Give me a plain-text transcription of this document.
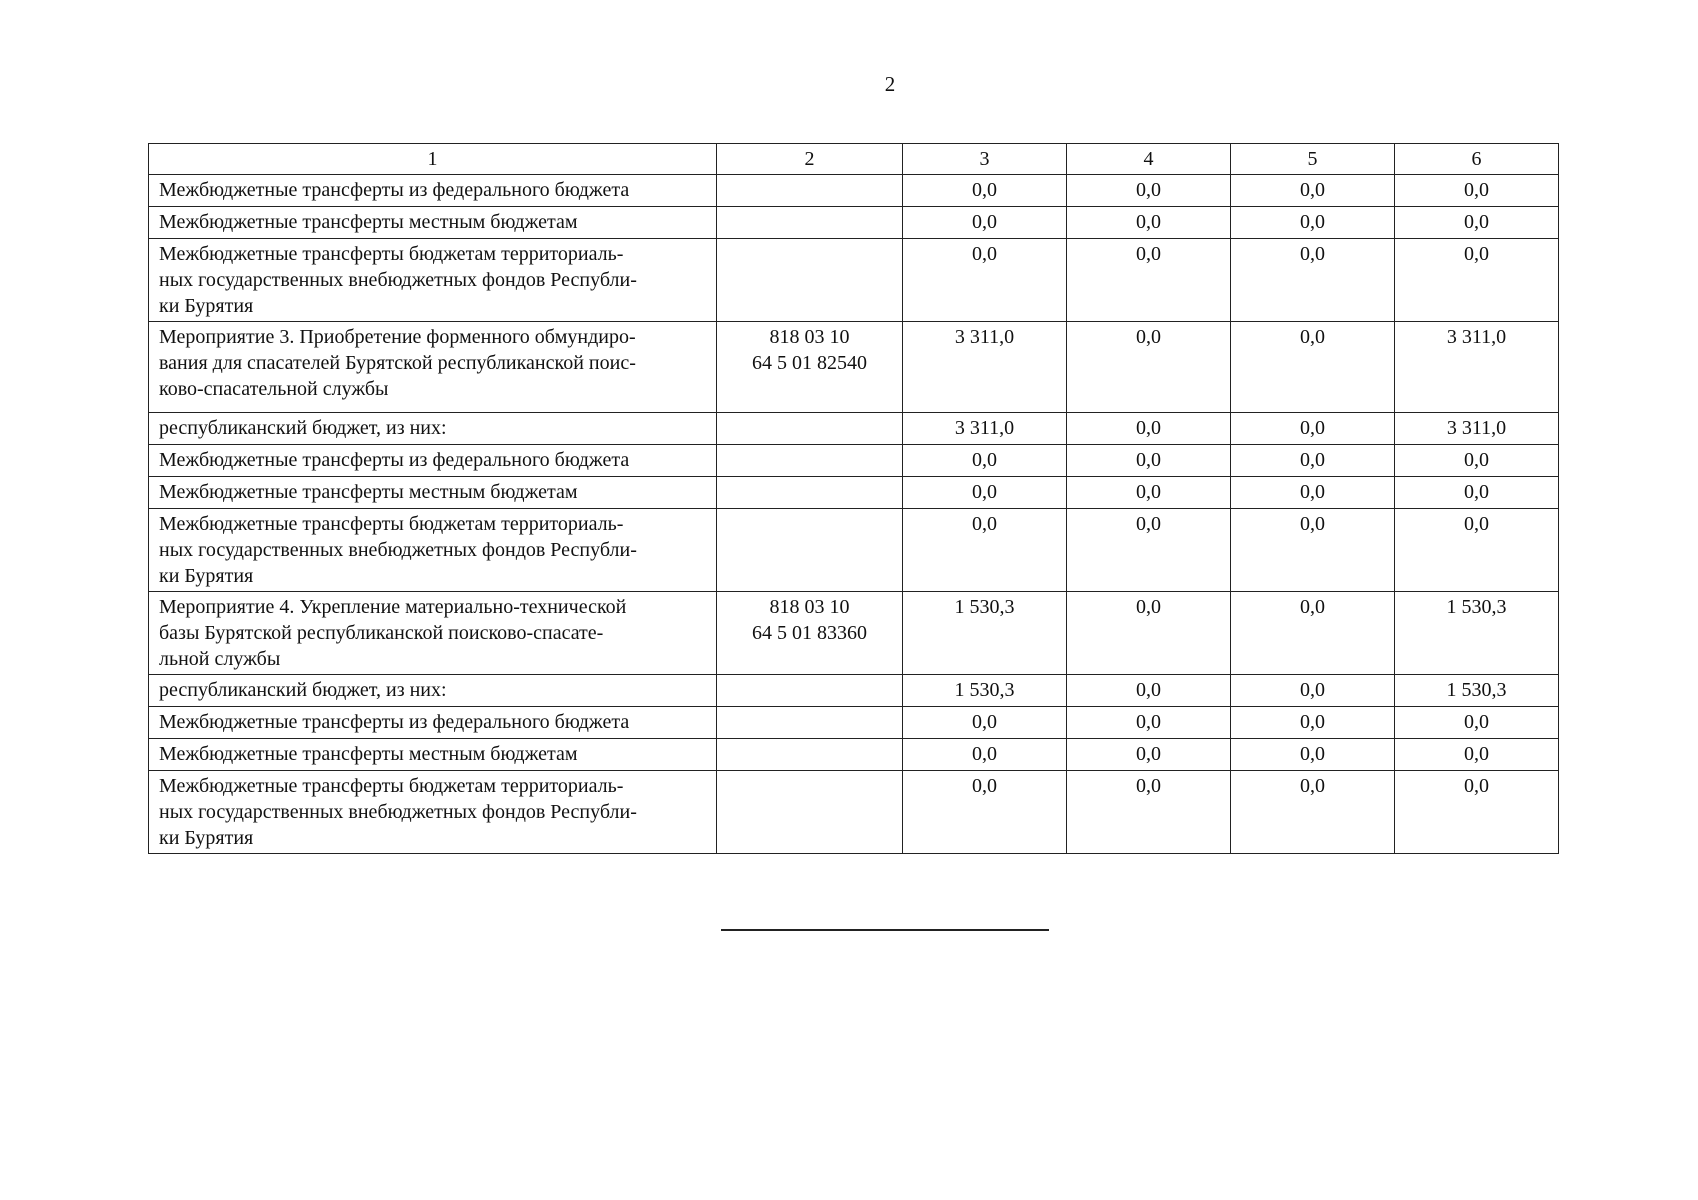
2
1	2	3	4	5	6
Межбюджетные трансферты из федерального бюджета		0,0	0,0	0,0	0,0
Межбюджетные трансферты местным бюджетам		0,0	0,0	0,0	0,0
Межбюджетные трансферты бюджетам территориаль-
ных государственных внебюджетных фондов Республи-
ки Бурятия		0,0	0,0	0,0	0,0
Мероприятие 3. Приобретение форменного обмундиро-
вания для спасателей Бурятской республиканской поис-
ково-спасательной службы	818 03 10
64 5 01 82540	3 311,0	0,0	0,0	3 311,0
республиканский бюджет, из них:		3 311,0	0,0	0,0	3 311,0
Межбюджетные трансферты из федерального бюджета		0,0	0,0	0,0	0,0
Межбюджетные трансферты местным бюджетам		0,0	0,0	0,0	0,0
Межбюджетные трансферты бюджетам территориаль-
ных государственных внебюджетных фондов Республи-
ки Бурятия		0,0	0,0	0,0	0,0
Мероприятие 4. Укрепление материально-технической
базы Бурятской республиканской поисково-спасате-
льной службы	818 03 10
64 5 01 83360	1 530,3	0,0	0,0	1 530,3
республиканский бюджет, из них:		1 530,3	0,0	0,0	1 530,3
Межбюджетные трансферты из федерального бюджета		0,0	0,0	0,0	0,0
Межбюджетные трансферты местным бюджетам		0,0	0,0	0,0	0,0
Межбюджетные трансферты бюджетам территориаль-
ных государственных внебюджетных фондов Республи-
ки Бурятия		0,0	0,0	0,0	0,0
